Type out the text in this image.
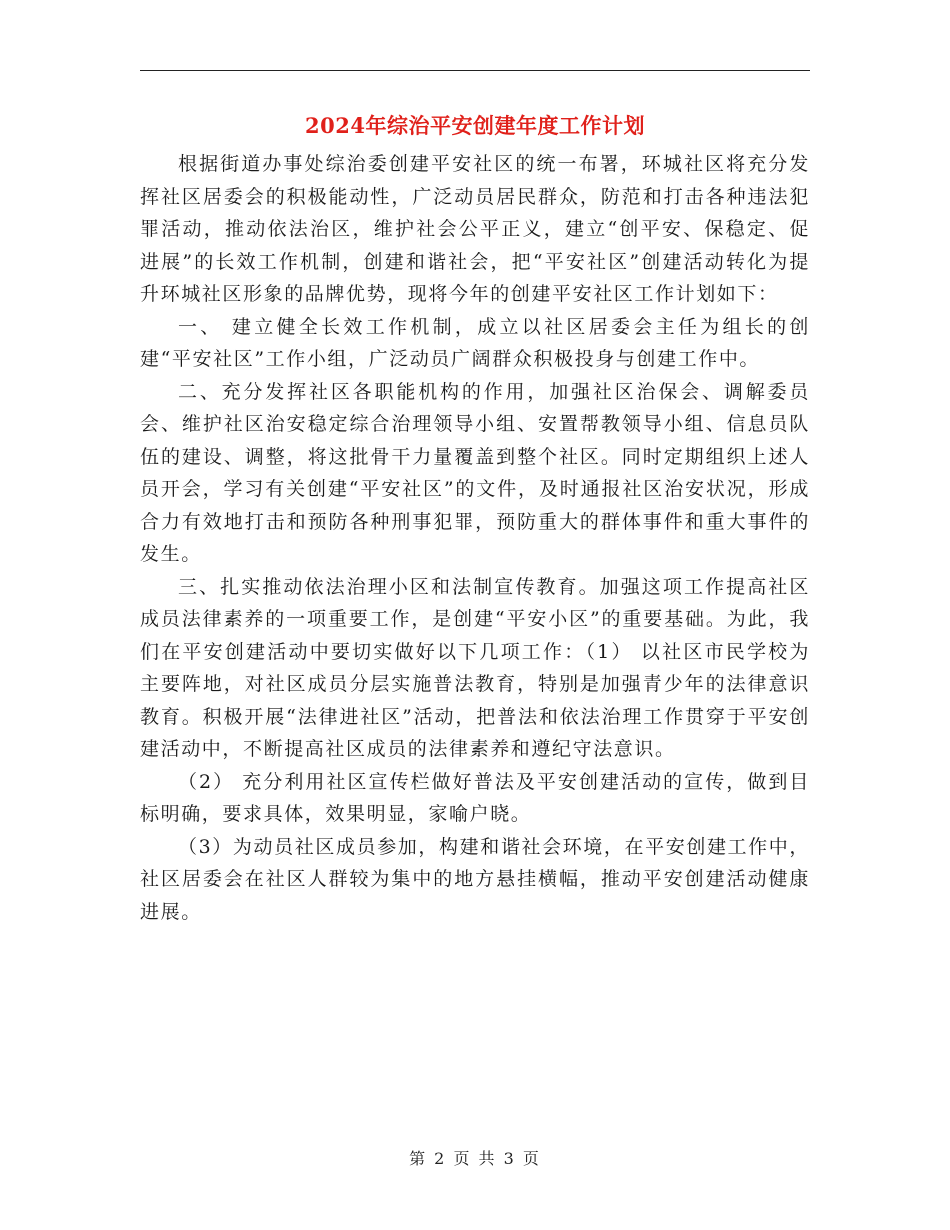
2024年综治平安创建年度工作计划

根据街道办事处综治委创建平安社区的统一布署，环城社区将充分发挥社区居委会的积极能动性，广泛动员居民群众，防范和打击各种违法犯罪活动，推动依法治区，维护社会公平正义，建立“创平安、保稳定、促进展”的长效工作机制，创建和谐社会，把“平安社区”创建活动转化为提升环城社区形象的品牌优势，现将今年的创建平安社区工作计划如下：

一、 建立健全长效工作机制，成立以社区居委会主任为组长的创建“平安社区”工作小组，广泛动员广阔群众积极投身与创建工作中。

二、充分发挥社区各职能机构的作用，加强社区治保会、调解委员会、维护社区治安稳定综合治理领导小组、安置帮教领导小组、信息员队伍的建设、调整，将这批骨干力量覆盖到整个社区。同时定期组织上述人员开会，学习有关创建“平安社区”的文件，及时通报社区治安状况，形成合力有效地打击和预防各种刑事犯罪，预防重大的群体事件和重大事件的发生。

三、扎实推动依法治理小区和法制宣传教育。加强这项工作提高社区成员法律素养的一项重要工作，是创建“平安小区”的重要基础。为此，我们在平安创建活动中要切实做好以下几项工作：（1） 以社区市民学校为主要阵地，对社区成员分层实施普法教育，特别是加强青少年的法律意识教育。积极开展“法律进社区”活动，把普法和依法治理工作贯穿于平安创建活动中，不断提高社区成员的法律素养和遵纪守法意识。

（2） 充分利用社区宣传栏做好普法及平安创建活动的宣传，做到目标明确，要求具体，效果明显，家喻户晓。

（3）为动员社区成员参加，构建和谐社会环境，在平安创建工作中，社区居委会在社区人群较为集中的地方悬挂横幅，推动平安创建活动健康进展。

第 2 页 共 3 页
